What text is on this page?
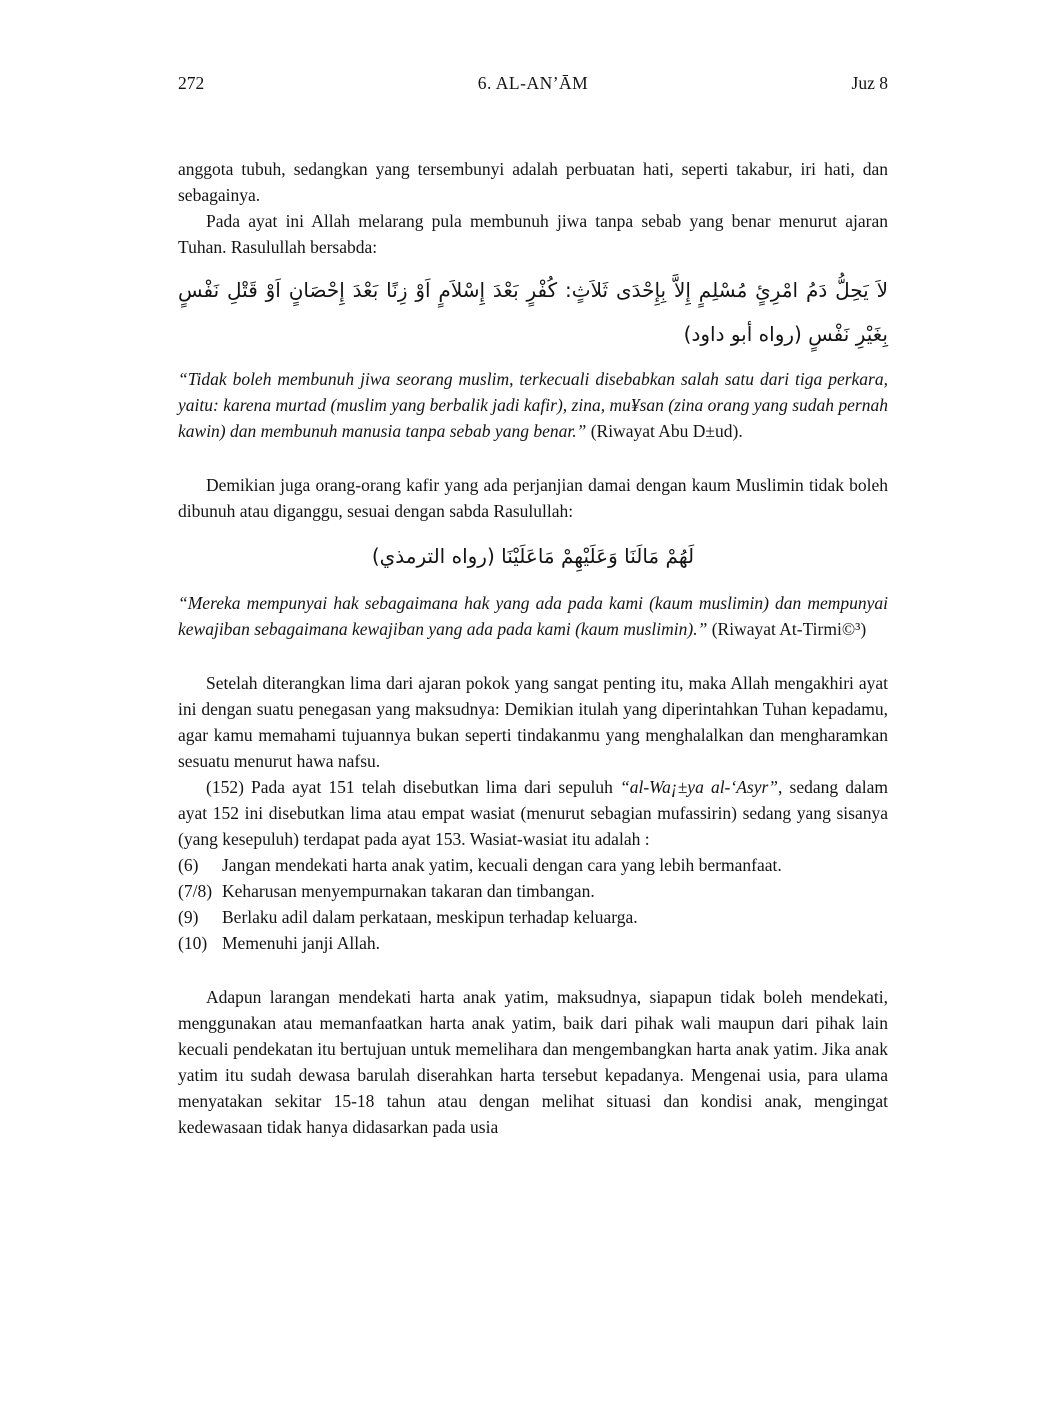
272	6. AL-AN’ĀM	Juz 8

anggota tubuh, sedangkan yang tersembunyi adalah perbuatan hati, seperti takabur, iri hati, dan sebagainya.

Pada ayat ini Allah melarang pula membunuh jiwa tanpa sebab yang benar menurut ajaran Tuhan. Rasulullah bersabda:

لاَ يَحِلُّ دَمُ امْرِئٍ مُسْلِمٍ إِلاَّ بِإِحْدَى ثَلاَثٍ: كُفْرٍ بَعْدَ إِسْلاَمٍ اَوْ زِنًا بَعْدَ إِحْصَانٍ اَوْ قَتْلِ نَفْسٍ بِغَيْرِ نَفْسٍ (رواه أبو داود)

“Tidak boleh membunuh jiwa seorang muslim, terkecuali disebabkan salah satu dari tiga perkara, yaitu: karena murtad (muslim yang berbalik jadi kafir), zina, mu¥san (zina orang yang sudah pernah kawin) dan membunuh manusia tanpa sebab yang benar.” (Riwayat Abu D±ud).

Demikian juga orang-orang kafir yang ada perjanjian damai dengan kaum Muslimin tidak boleh dibunuh atau diganggu, sesuai dengan sabda Rasulullah:

لَهُمْ مَالَنَا وَعَلَيْهِمْ مَاعَلَيْنَا (رواه الترمذي)

“Mereka mempunyai hak sebagaimana hak yang ada pada kami (kaum muslimin) dan mempunyai kewajiban sebagaimana kewajiban yang ada pada kami (kaum muslimin).” (Riwayat At-Tirmi©³)

Setelah diterangkan lima dari ajaran pokok yang sangat penting itu, maka Allah mengakhiri ayat ini dengan suatu penegasan yang maksudnya: Demikian itulah yang diperintahkan Tuhan kepadamu, agar kamu memahami tujuannya bukan seperti tindakanmu yang menghalalkan dan mengharamkan sesuatu menurut hawa nafsu.

(152) Pada ayat 151 telah disebutkan lima dari sepuluh “al-Wa¡±ya al-‘Asyr”, sedang dalam ayat 152 ini disebutkan lima atau empat wasiat (menurut sebagian mufassirin) sedang yang sisanya (yang kesepuluh) terdapat pada ayat 153. Wasiat-wasiat itu adalah :

(6) Jangan mendekati harta anak yatim, kecuali dengan cara yang lebih bermanfaat.

(7/8) Keharusan menyempurnakan takaran dan timbangan.

(9) Berlaku adil dalam perkataan, meskipun terhadap keluarga.

(10) Memenuhi janji Allah.

Adapun larangan mendekati harta anak yatim, maksudnya, siapapun tidak boleh mendekati, menggunakan atau memanfaatkan harta anak yatim, baik dari pihak wali maupun dari pihak lain kecuali pendekatan itu bertujuan untuk memelihara dan mengembangkan harta anak yatim. Jika anak yatim itu sudah dewasa barulah diserahkan harta tersebut kepadanya. Mengenai usia, para ulama menyatakan sekitar 15-18 tahun atau dengan melihat situasi dan kondisi anak, mengingat kedewasaan tidak hanya didasarkan pada usia
